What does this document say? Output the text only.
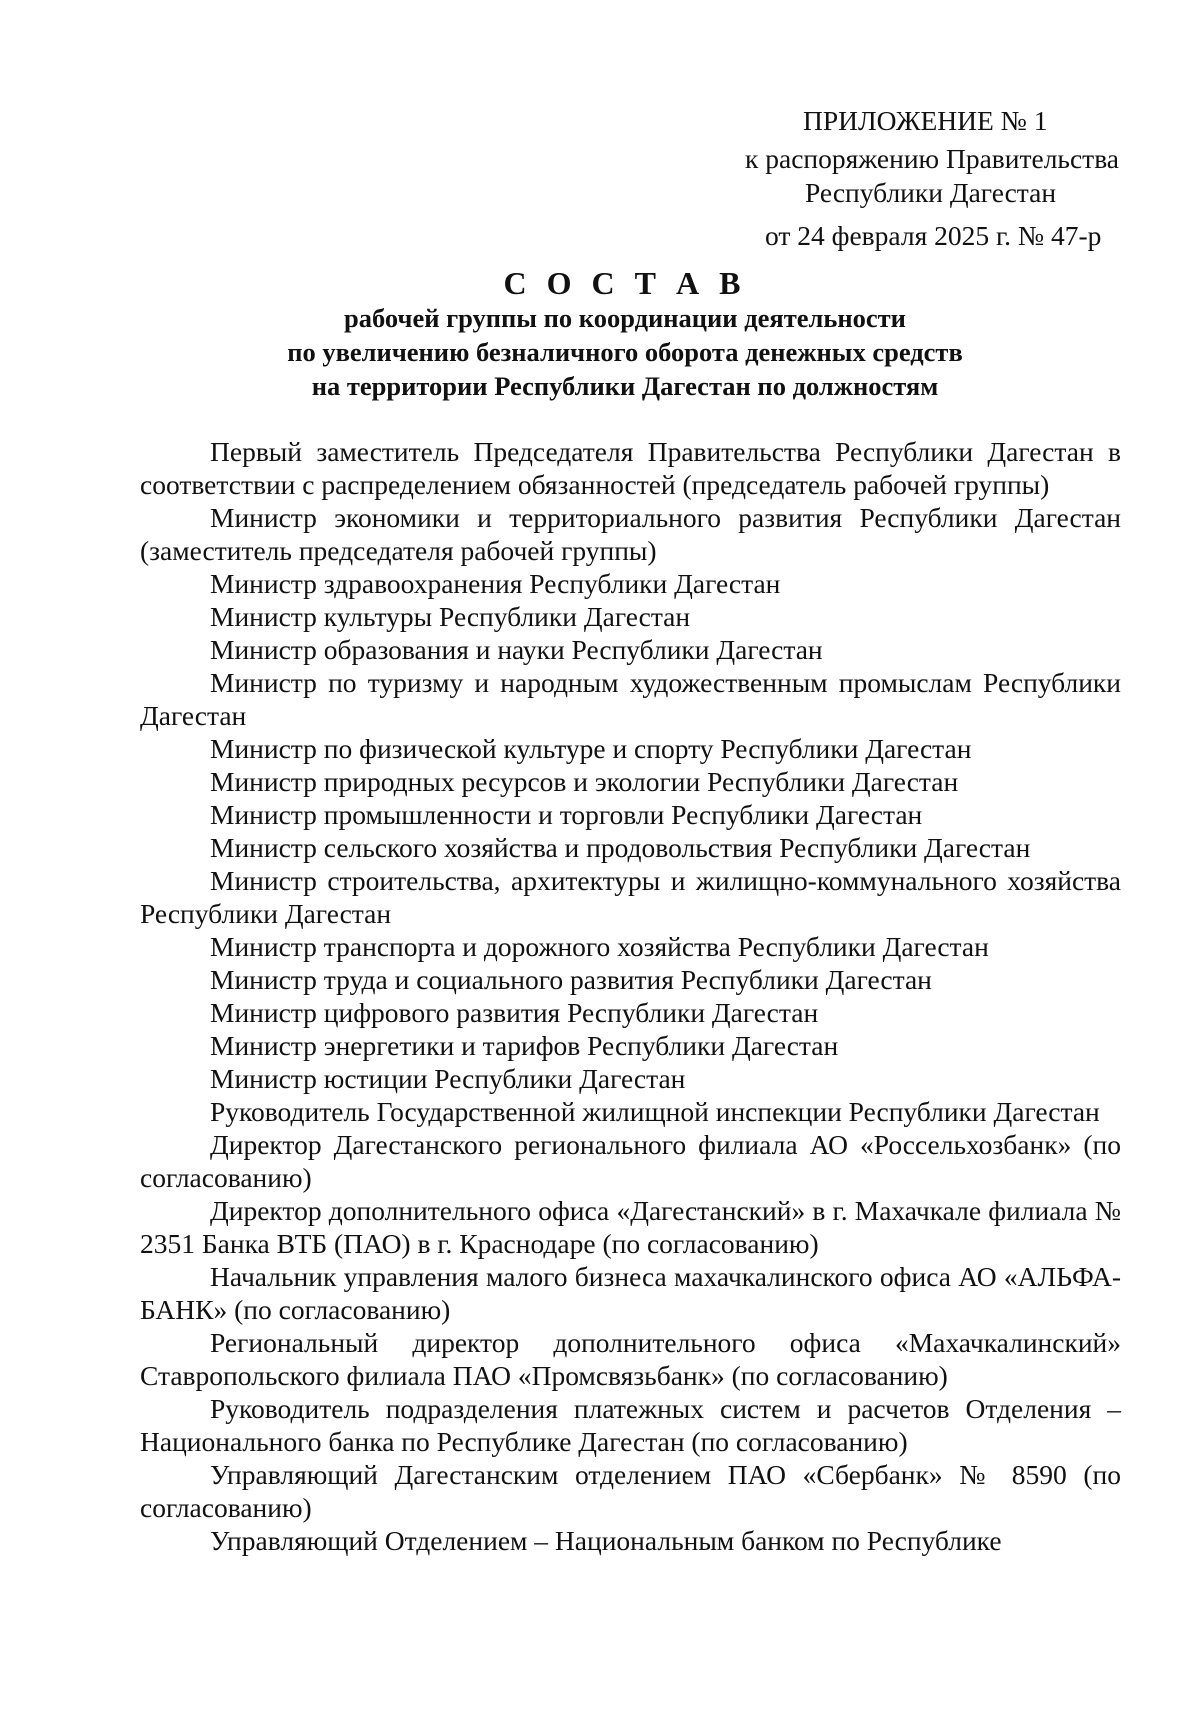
ПРИЛОЖЕНИЕ № 1
к распоряжению Правительства
Республики Дагестан
от 24 февраля 2025 г. № 47-р
С О С Т А В
рабочей группы по координации деятельности
по увеличению безналичного оборота денежных средств
на территории Республики Дагестан по должностям

Первый заместитель Председателя Правительства Республики Дагестан в соответствии с распределением обязанностей (председатель рабочей группы)

Министр экономики и территориального развития Республики Дагестан (заместитель председателя рабочей группы)

Министр здравоохранения Республики Дагестан

Министр культуры Республики Дагестан

Министр образования и науки Республики Дагестан

Министр по туризму и народным художественным промыслам Республики Дагестан

Министр по физической культуре и спорту Республики Дагестан

Министр природных ресурсов и экологии Республики Дагестан

Министр промышленности и торговли Республики Дагестан

Министр сельского хозяйства и продовольствия Республики Дагестан

Министр строительства, архитектуры и жилищно-коммунального хозяйства Республики Дагестан

Министр транспорта и дорожного хозяйства Республики Дагестан

Министр труда и социального развития Республики Дагестан

Министр цифрового развития Республики Дагестан

Министр энергетики и тарифов Республики Дагестан

Министр юстиции Республики Дагестан

Руководитель Государственной жилищной инспекции Республики Дагестан

Директор Дагестанского регионального филиала АО «Россельхозбанк» (по согласованию)

Директор дополнительного офиса «Дагестанский» в г. Махачкале филиала № 2351 Банка ВТБ (ПАО) в г. Краснодаре (по согласованию)

Начальник управления малого бизнеса махачкалинского офиса АО «АЛЬФА-БАНК» (по согласованию)

Региональный директор дополнительного офиса «Махачкалинский» Ставропольского филиала ПАО «Промсвязьбанк» (по согласованию)

Руководитель подразделения платежных систем и расчетов Отделения – Национального банка по Республике Дагестан (по согласованию)

Управляющий Дагестанским отделением ПАО «Сбербанк» № 8590 (по согласованию)

Управляющий Отделением – Национальным банком по Республике
